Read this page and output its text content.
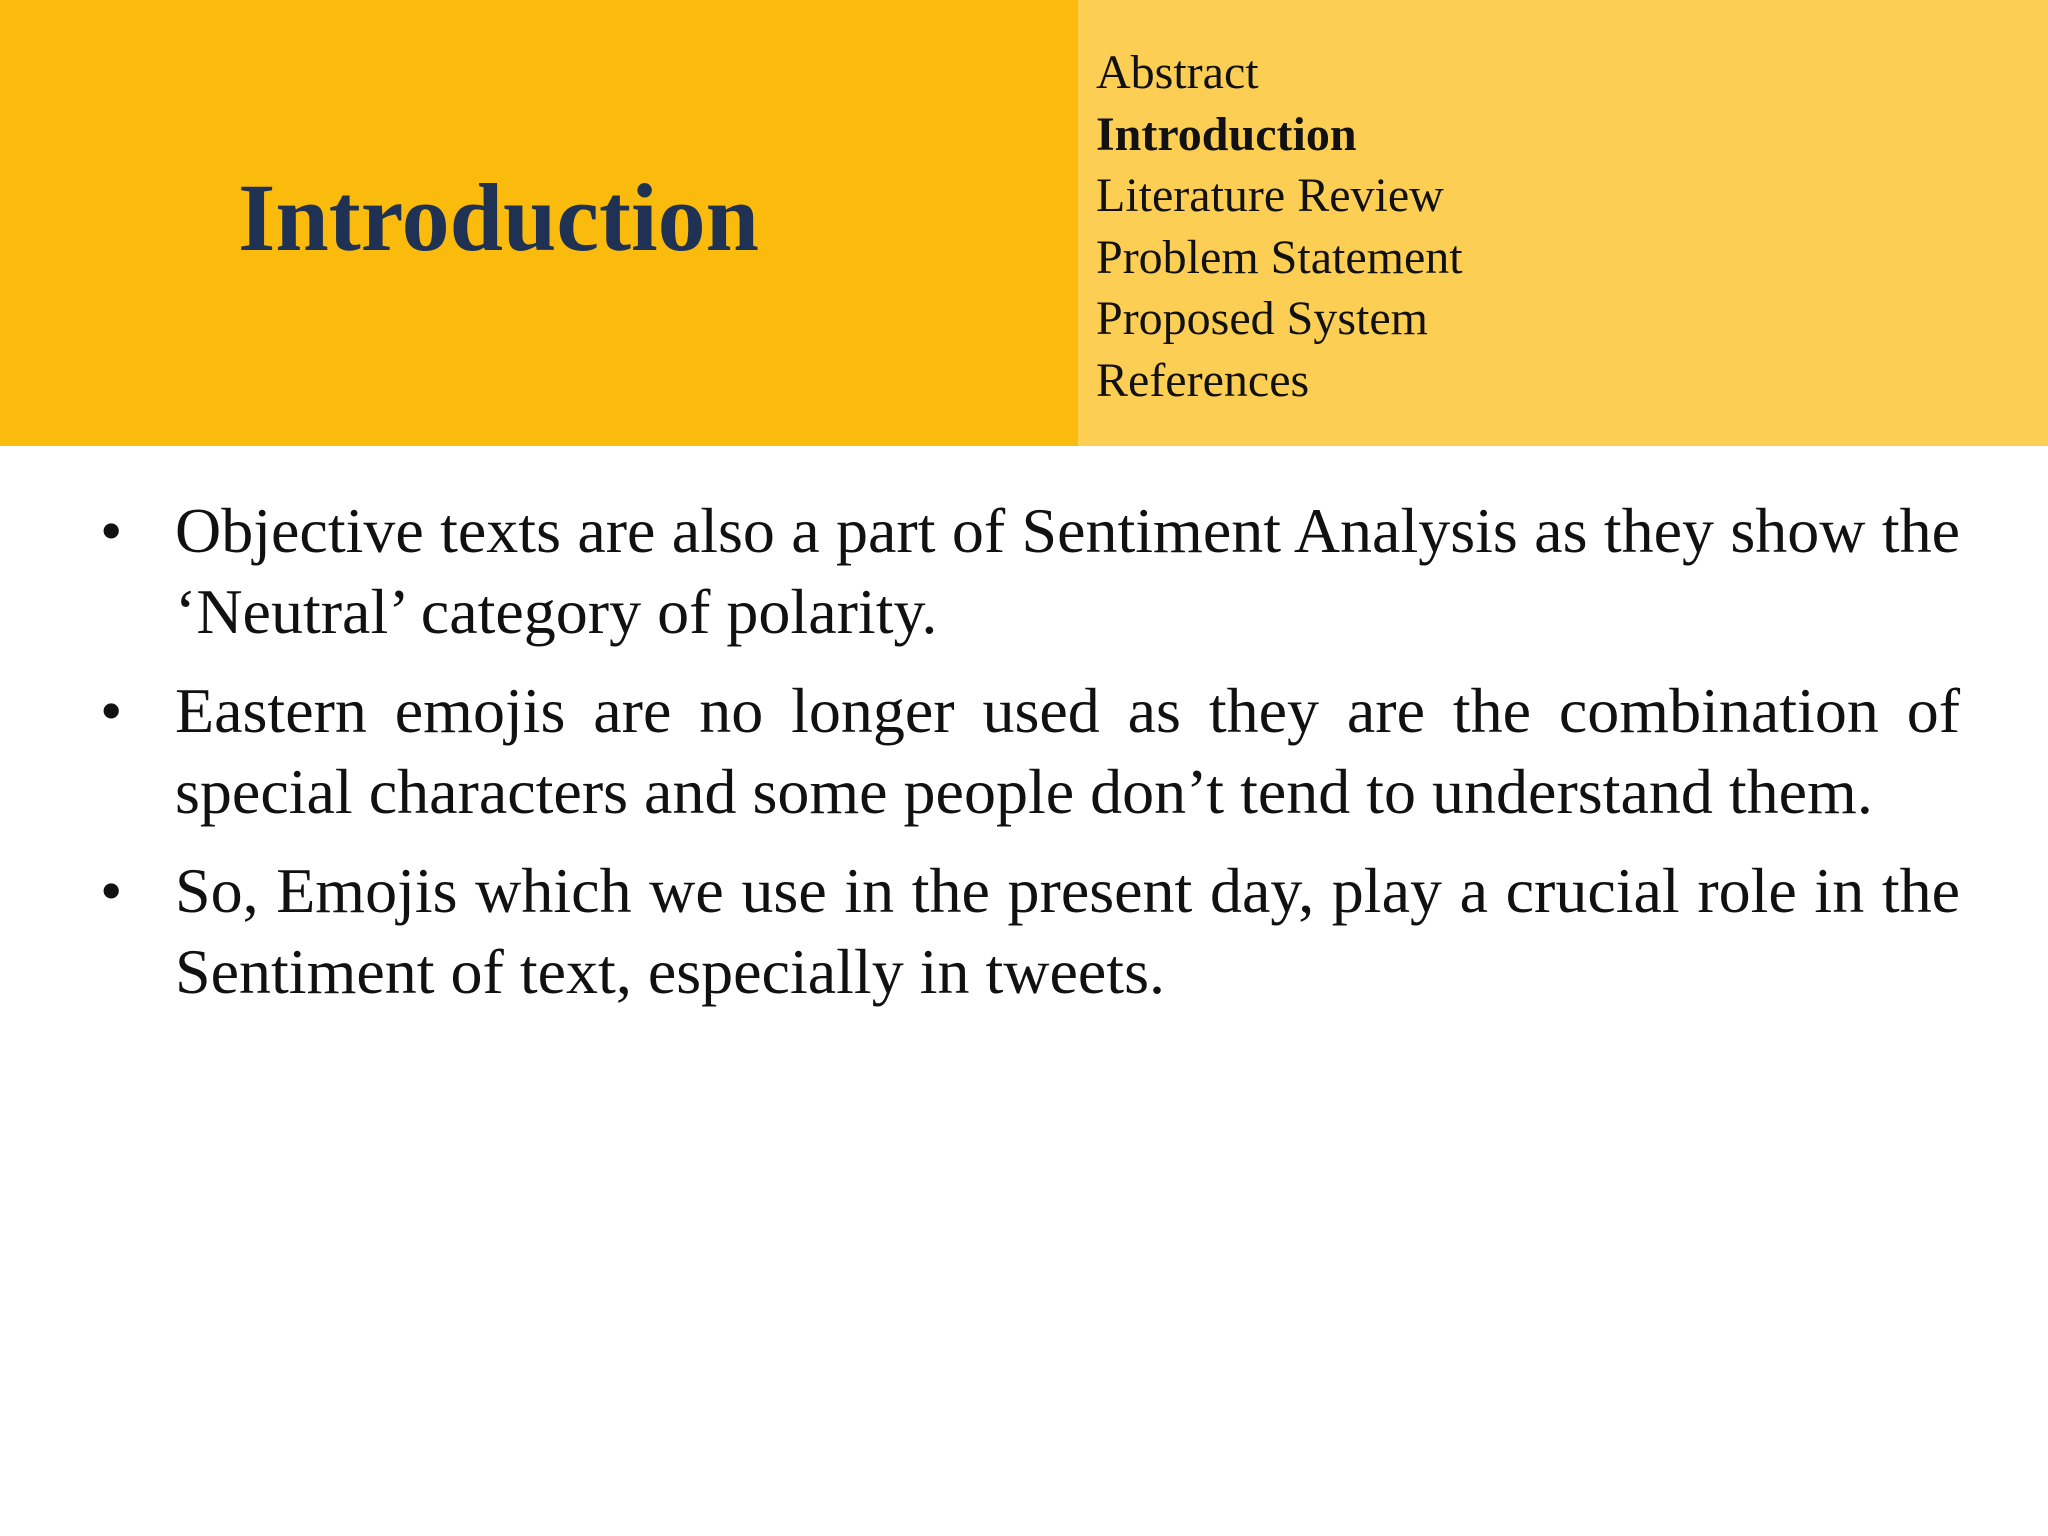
Introduction
Abstract
Introduction
Literature Review
Problem Statement
Proposed System
References

• Objective texts are also a part of Sentiment Analysis as they show the ‘Neutral’ category of polarity.

• Eastern emojis are no longer used as they are the combination of special characters and some people don’t tend to understand them.

• So, Emojis which we use in the present day, play a crucial role in the Sentiment of text, especially in tweets.
